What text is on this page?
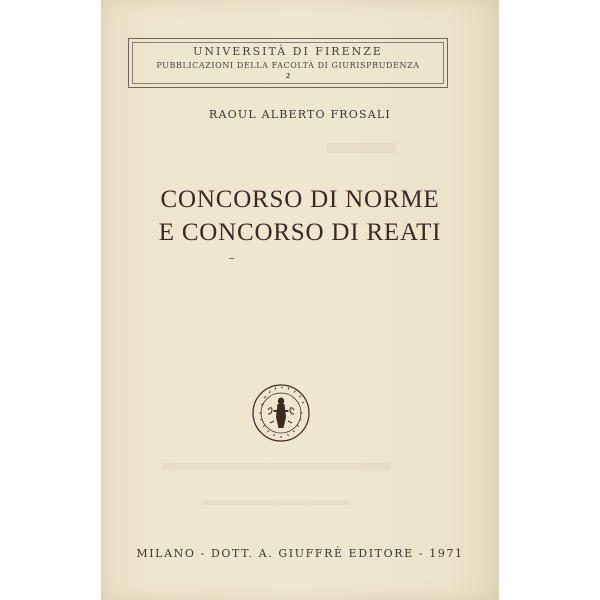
UNIVERSITÀ DI FIRENZE
PUBBLICAZIONI DELLA FACOLTÀ DI GIURISPRUDENZA
2
RAOUL ALBERTO FROSALI
CONCORSO DI NORME
E CONCORSO DI REATI
MILANO - DOTT. A. GIUFFRÈ EDITORE - 1971
